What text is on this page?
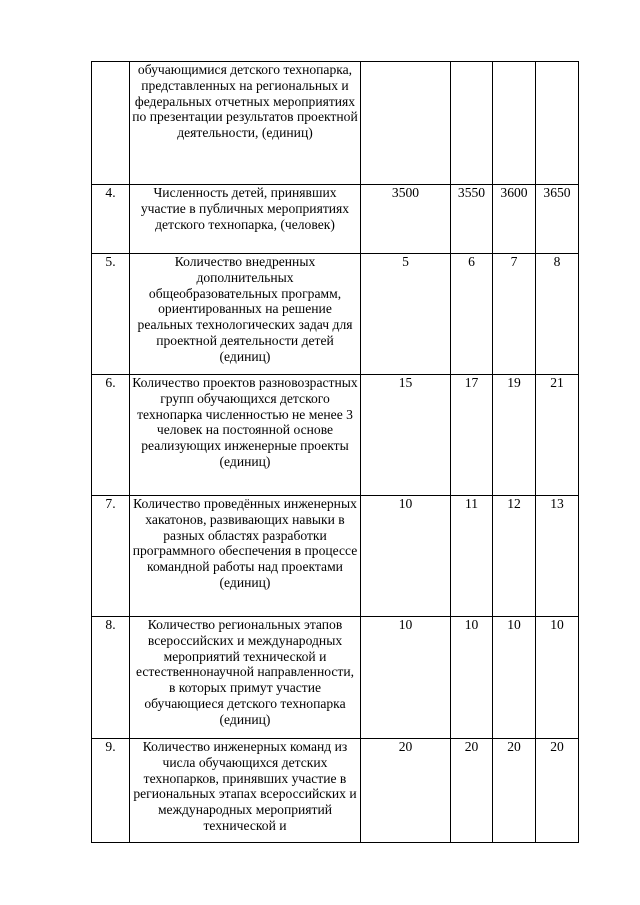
	обучающимися детского технопарка, представленных на региональных и федеральных отчетных мероприятиях по презентации результатов проектной деятельности, (единиц)				
4.	Численность детей, принявших участие в публичных мероприятиях детского технопарка, (человек)	3500	3550	3600	3650
5.	Количество внедренных дополнительных общеобразовательных программ, ориентированных на решение реальных технологических задач для проектной деятельности детей (единиц)	5	6	7	8
6.	Количество проектов разновозрастных групп обучающихся детского технопарка численностью не менее 3 человек на постоянной основе реализующих инженерные проекты (единиц)	15	17	19	21
7.	Количество проведённых инженерных хакатонов, развивающих навыки в разных областях разработки программного обеспечения в процессе командной работы над проектами (единиц)	10	11	12	13
8.	Количество региональных этапов всероссийских и международных мероприятий технической и естественнонаучной направленности, в которых примут участие обучающиеся детского технопарка (единиц)	10	10	10	10
9.	Количество инженерных команд из числа обучающихся детских технопарков, принявших участие в региональных этапах всероссийских и международных мероприятий технической и	20	20	20	20
